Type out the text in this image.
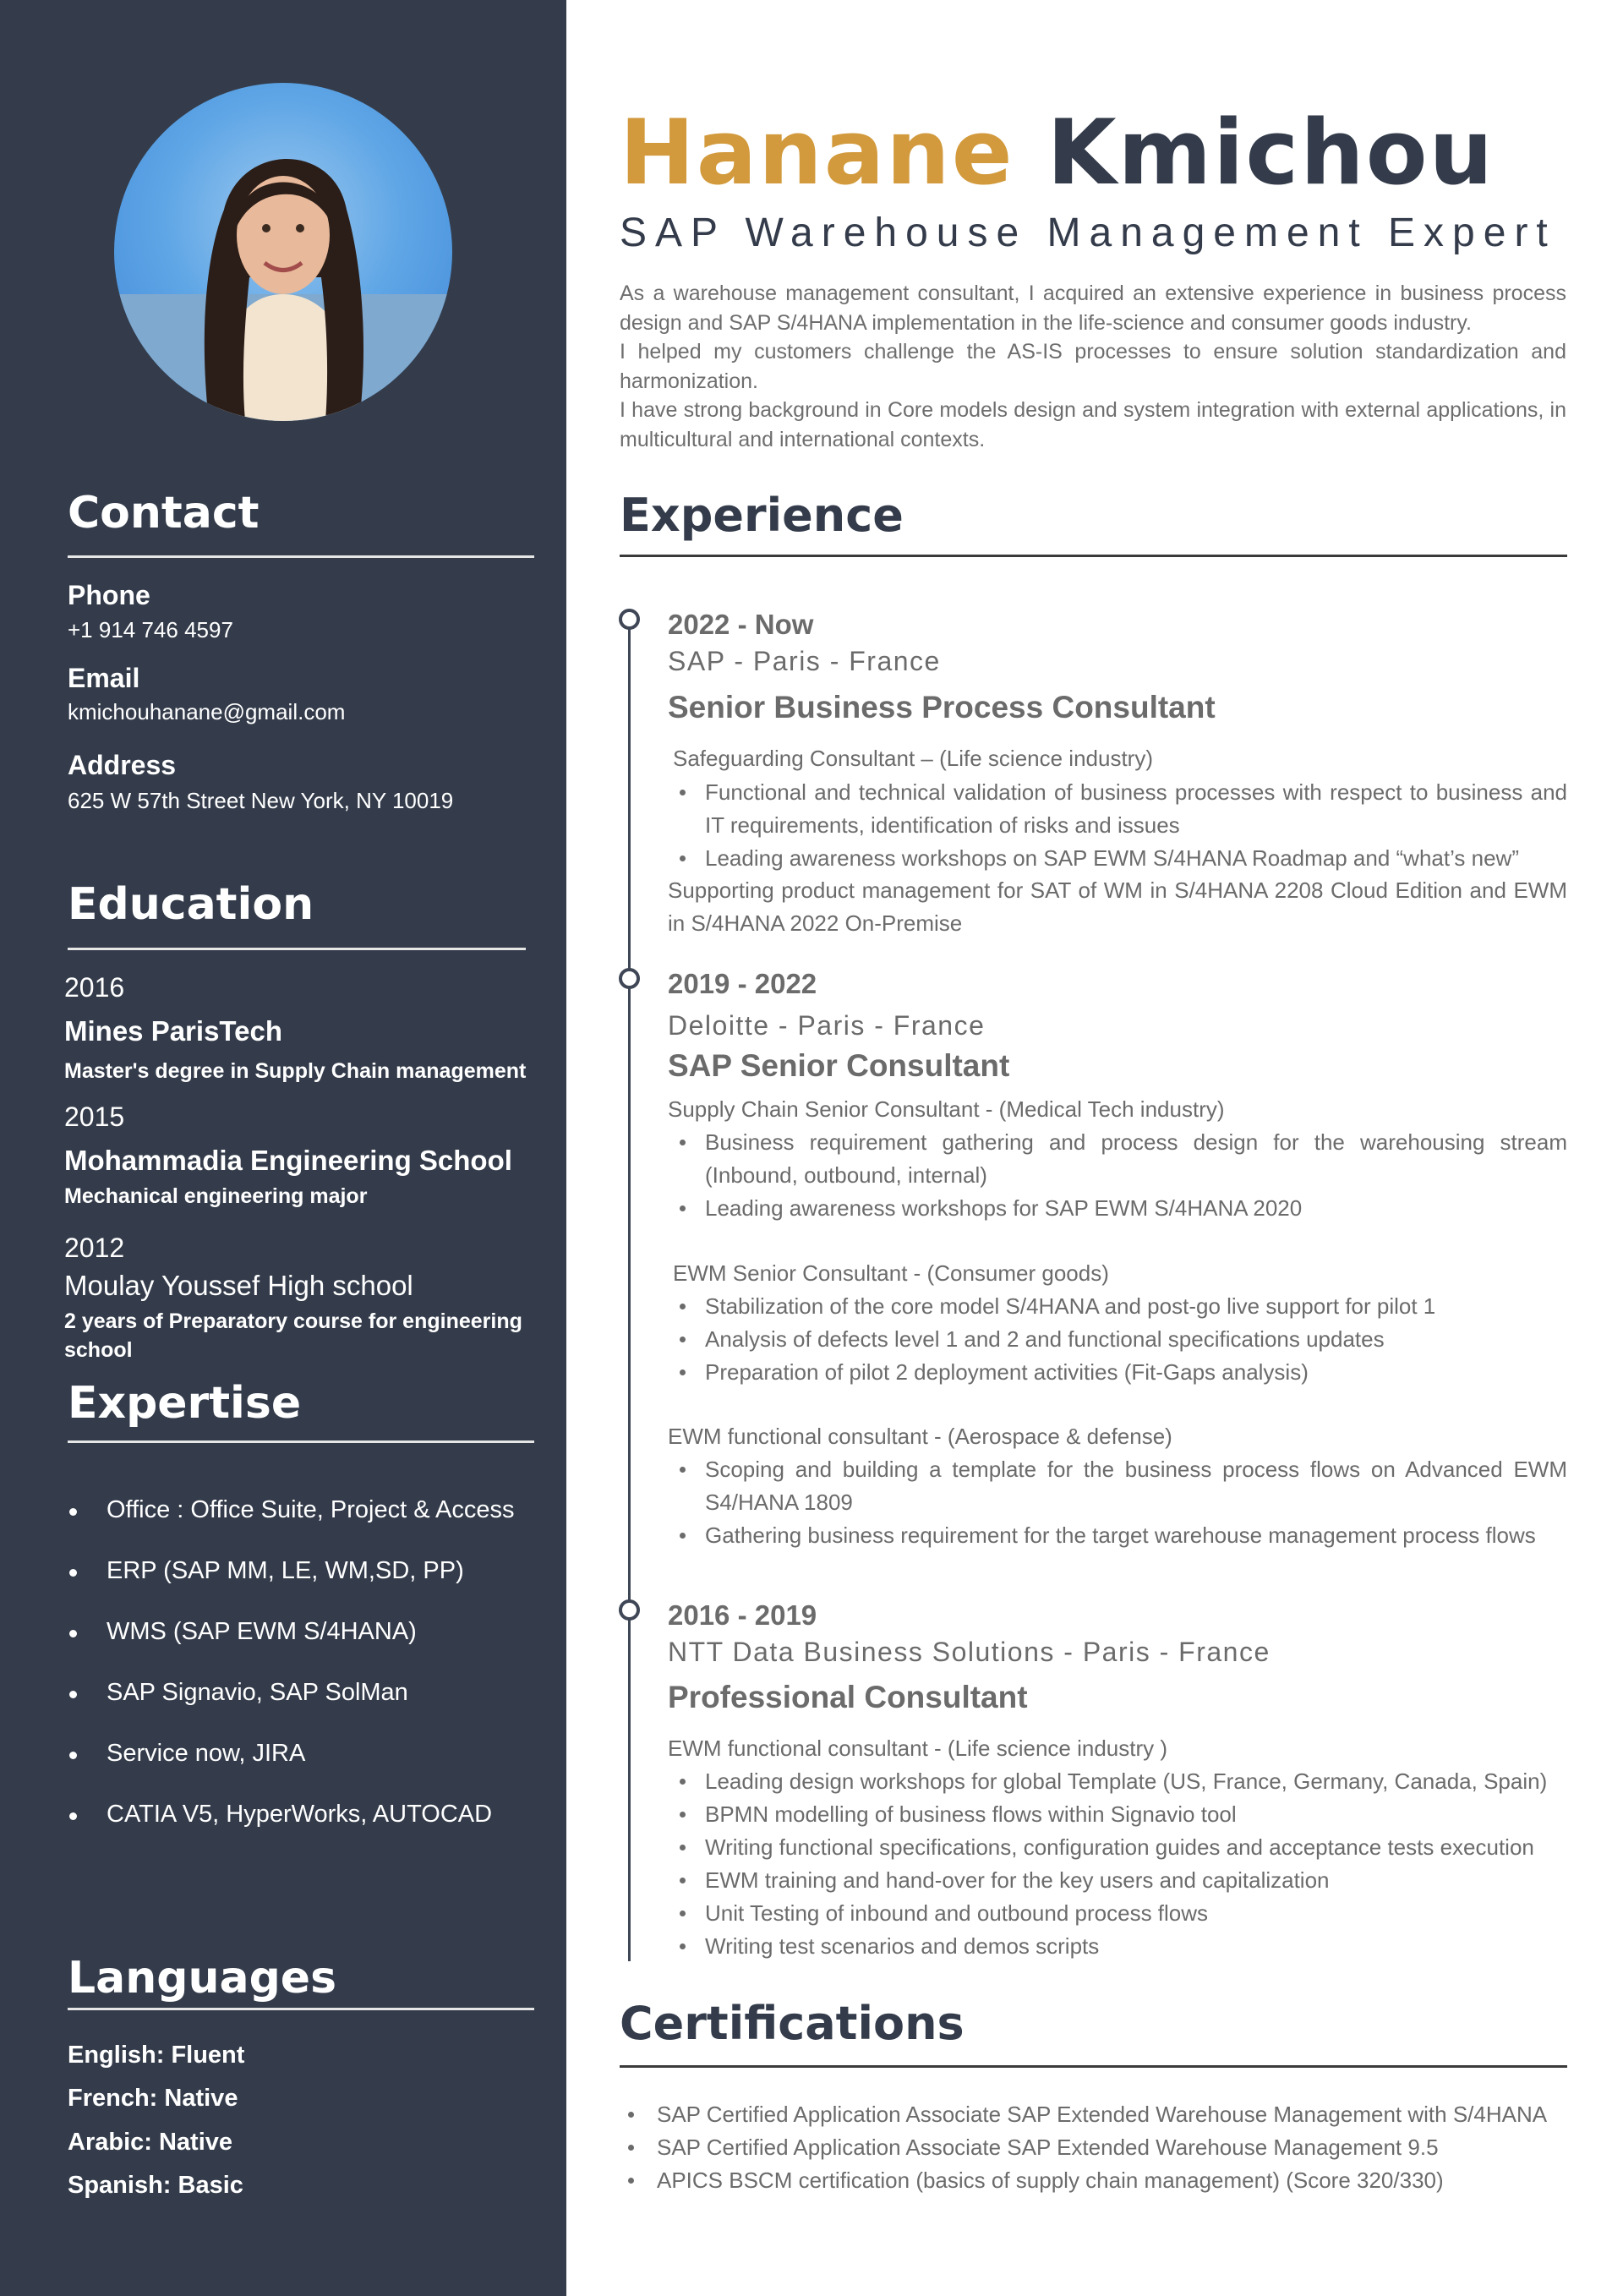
Contact
Phone
+1 914 746 4597
Email
kmichouhanane@gmail.com
Address
625 W 57th Street New York, NY 10019
Education
2016
Mines ParisTech
Master's degree in Supply Chain management
2015
Mohammadia Engineering School
Mechanical engineering major
2012
Moulay Youssef High school
2 years of Preparatory course for engineering school
Expertise
Office : Office Suite, Project & Access
ERP (SAP MM, LE, WM,SD, PP)
WMS (SAP EWM S/4HANA)
SAP Signavio, SAP SolMan
Service now, JIRA
CATIA V5, HyperWorks, AUTOCAD
Languages
English: Fluent
French: Native
Arabic: Native
Spanish: Basic
Hanane Kmichou
SAP Warehouse Management Expert

As a warehouse management consultant, I acquired an extensive experience in business process design and SAP S/4HANA implementation in the life-science and consumer goods industry.

I helped my customers challenge the AS-IS processes to ensure solution standardization and harmonization.

I have strong background in Core models design and system integration with external applications, in multicultural and international contexts.

Experience
2022 - Now
SAP - Paris - France
Senior Business Process Consultant
Safeguarding Consultant – (Life science industry)
Functional and technical validation of business processes with respect to business and IT requirements, identification of risks and issues
Leading awareness workshops on SAP EWM S/4HANA Roadmap and “what’s new”

Supporting product management for SAT of WM in S/4HANA 2208 Cloud Edition and EWM in S/4HANA 2022 On-Premise

2019 - 2022
Deloitte - Paris - France
SAP Senior Consultant
Supply Chain Senior Consultant - (Medical Tech industry)
Business requirement gathering and process design for the warehousing stream (Inbound, outbound, internal)
Leading awareness workshops for SAP EWM S/4HANA 2020
EWM Senior Consultant - (Consumer goods)
Stabilization of the core model S/4HANA and post-go live support for pilot 1
Analysis of defects level 1 and 2 and functional specifications updates
Preparation of pilot 2 deployment activities (Fit-Gaps analysis)
EWM functional consultant - (Aerospace & defense)
Scoping and building a template for the business process flows on Advanced EWM S4/HANA 1809
Gathering business requirement for the target warehouse management process flows
2016 - 2019
NTT Data Business Solutions - Paris - France
Professional Consultant
EWM functional consultant - (Life science industry )
Leading design workshops for global Template (US, France, Germany, Canada, Spain)
BPMN modelling of business flows within Signavio tool
Writing functional specifications, configuration guides and acceptance tests execution
EWM training and hand-over for the key users and capitalization
Unit Testing of inbound and outbound process flows
Writing test scenarios and demos scripts
Certifications
SAP Certified Application Associate SAP Extended Warehouse Management with S/4HANA
SAP Certified Application Associate SAP Extended Warehouse Management 9.5
APICS BSCM certification (basics of supply chain management) (Score 320/330)
